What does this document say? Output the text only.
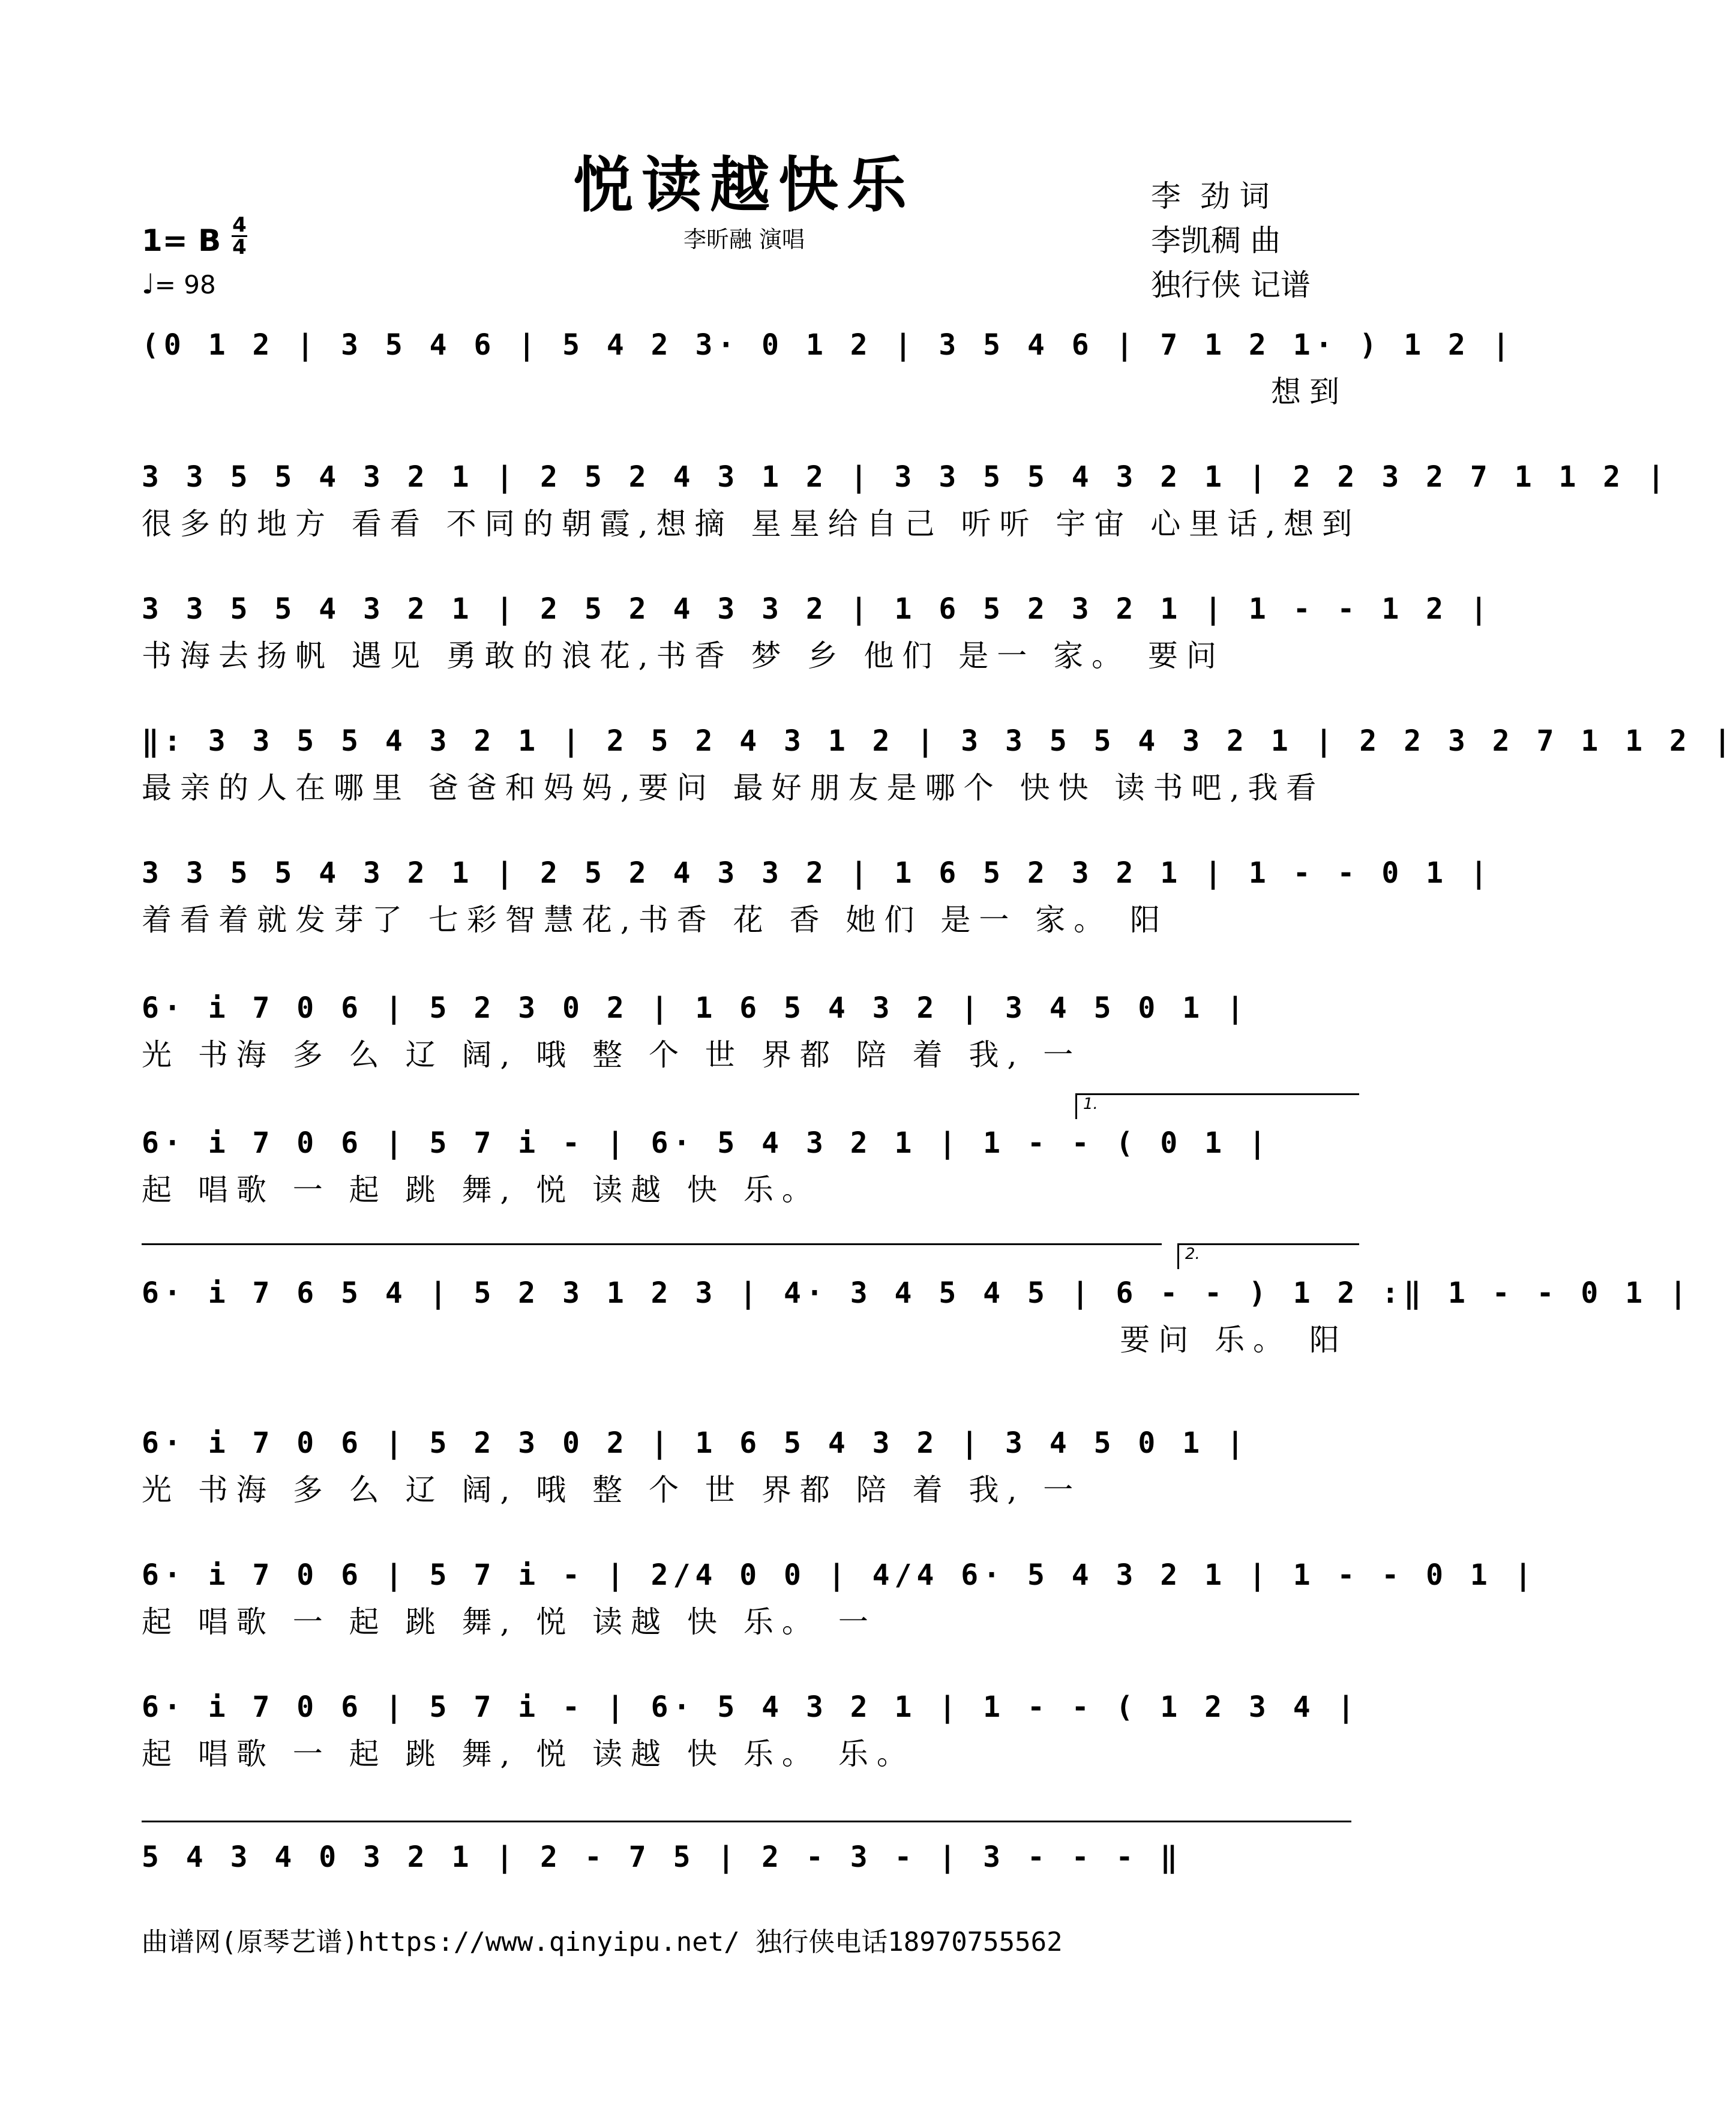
悦读越快乐
李昕融 演唱
李  劲 词
李凯稠 曲
独行侠 记谱
1= B 4
4
♩= 98
(0 1 2 | 3 5 4 6 | 5 4 2 3· 0 1 2 | 3 5 4 6 | 7 1 2 1· ) 1 2 |
想到
3 3 5 5 4 3 2 1 | 2 5 2 4 3 1 2 | 3 3 5 5 4 3 2 1 | 2 2 3 2 7 1 1 2 |
很多的地方 看看 不同的朝霞,想摘 星星给自己 听听 宇宙 心里话,想到
3 3 5 5 4 3 2 1 | 2 5 2 4 3 3 2 | 1 6 5 2 3 2 1 | 1 - - 1 2 |
书海去扬帆 遇见 勇敢的浪花,书香 梦 乡 他们 是一 家。 要问
‖: 3 3 5 5 4 3 2 1 | 2 5 2 4 3 1 2 | 3 3 5 5 4 3 2 1 | 2 2 3 2 7 1 1 2 |
最亲的人在哪里 爸爸和妈妈,要问 最好朋友是哪个 快快 读书吧,我看
3 3 5 5 4 3 2 1 | 2 5 2 4 3 3 2 | 1 6 5 2 3 2 1 | 1 - - 0 1 |
着看着就发芽了 七彩智慧花,书香 花 香 她们 是一 家。 阳
6· i 7 0 6 | 5 2 3 0 2 | 1 6 5 4 3 2 | 3 4 5 0 1 |
光 书海 多 么 辽 阔, 哦 整 个 世 界都 陪 着 我, 一
6· i 7 0 6 | 5 7 i - | 6· 5 4 3 2 1 | 1 - - ( 0 1 |
起 唱歌 一 起 跳 舞, 悦 读越 快 乐。
6· i 7 6 5 4 | 5 2 3 1 2 3 | 4· 3 4 5 4 5 | 6 - - ) 1 2 :‖ 1 - - 0 1 |
要问 乐。 阳
6· i 7 0 6 | 5 2 3 0 2 | 1 6 5 4 3 2 | 3 4 5 0 1 |
光 书海 多 么 辽 阔, 哦 整 个 世 界都 陪 着 我, 一
6· i 7 0 6 | 5 7 i - | 2/4 0 0 | 4/4 6· 5 4 3 2 1 | 1 - - 0 1 |
起 唱歌 一 起 跳 舞, 悦 读越 快 乐。 一
6· i 7 0 6 | 5 7 i - | 6· 5 4 3 2 1 | 1 - - ( 1 2 3 4 |
起 唱歌 一 起 跳 舞, 悦 读越 快 乐。 乐。
5 4 3 4 0 3 2 1 | 2 - 7 5 | 2 - 3 - | 3 - - - ‖
曲谱网(原琴艺谱)https://www.qinyipu.net/ 独行侠电话18970755562
1.
2.
